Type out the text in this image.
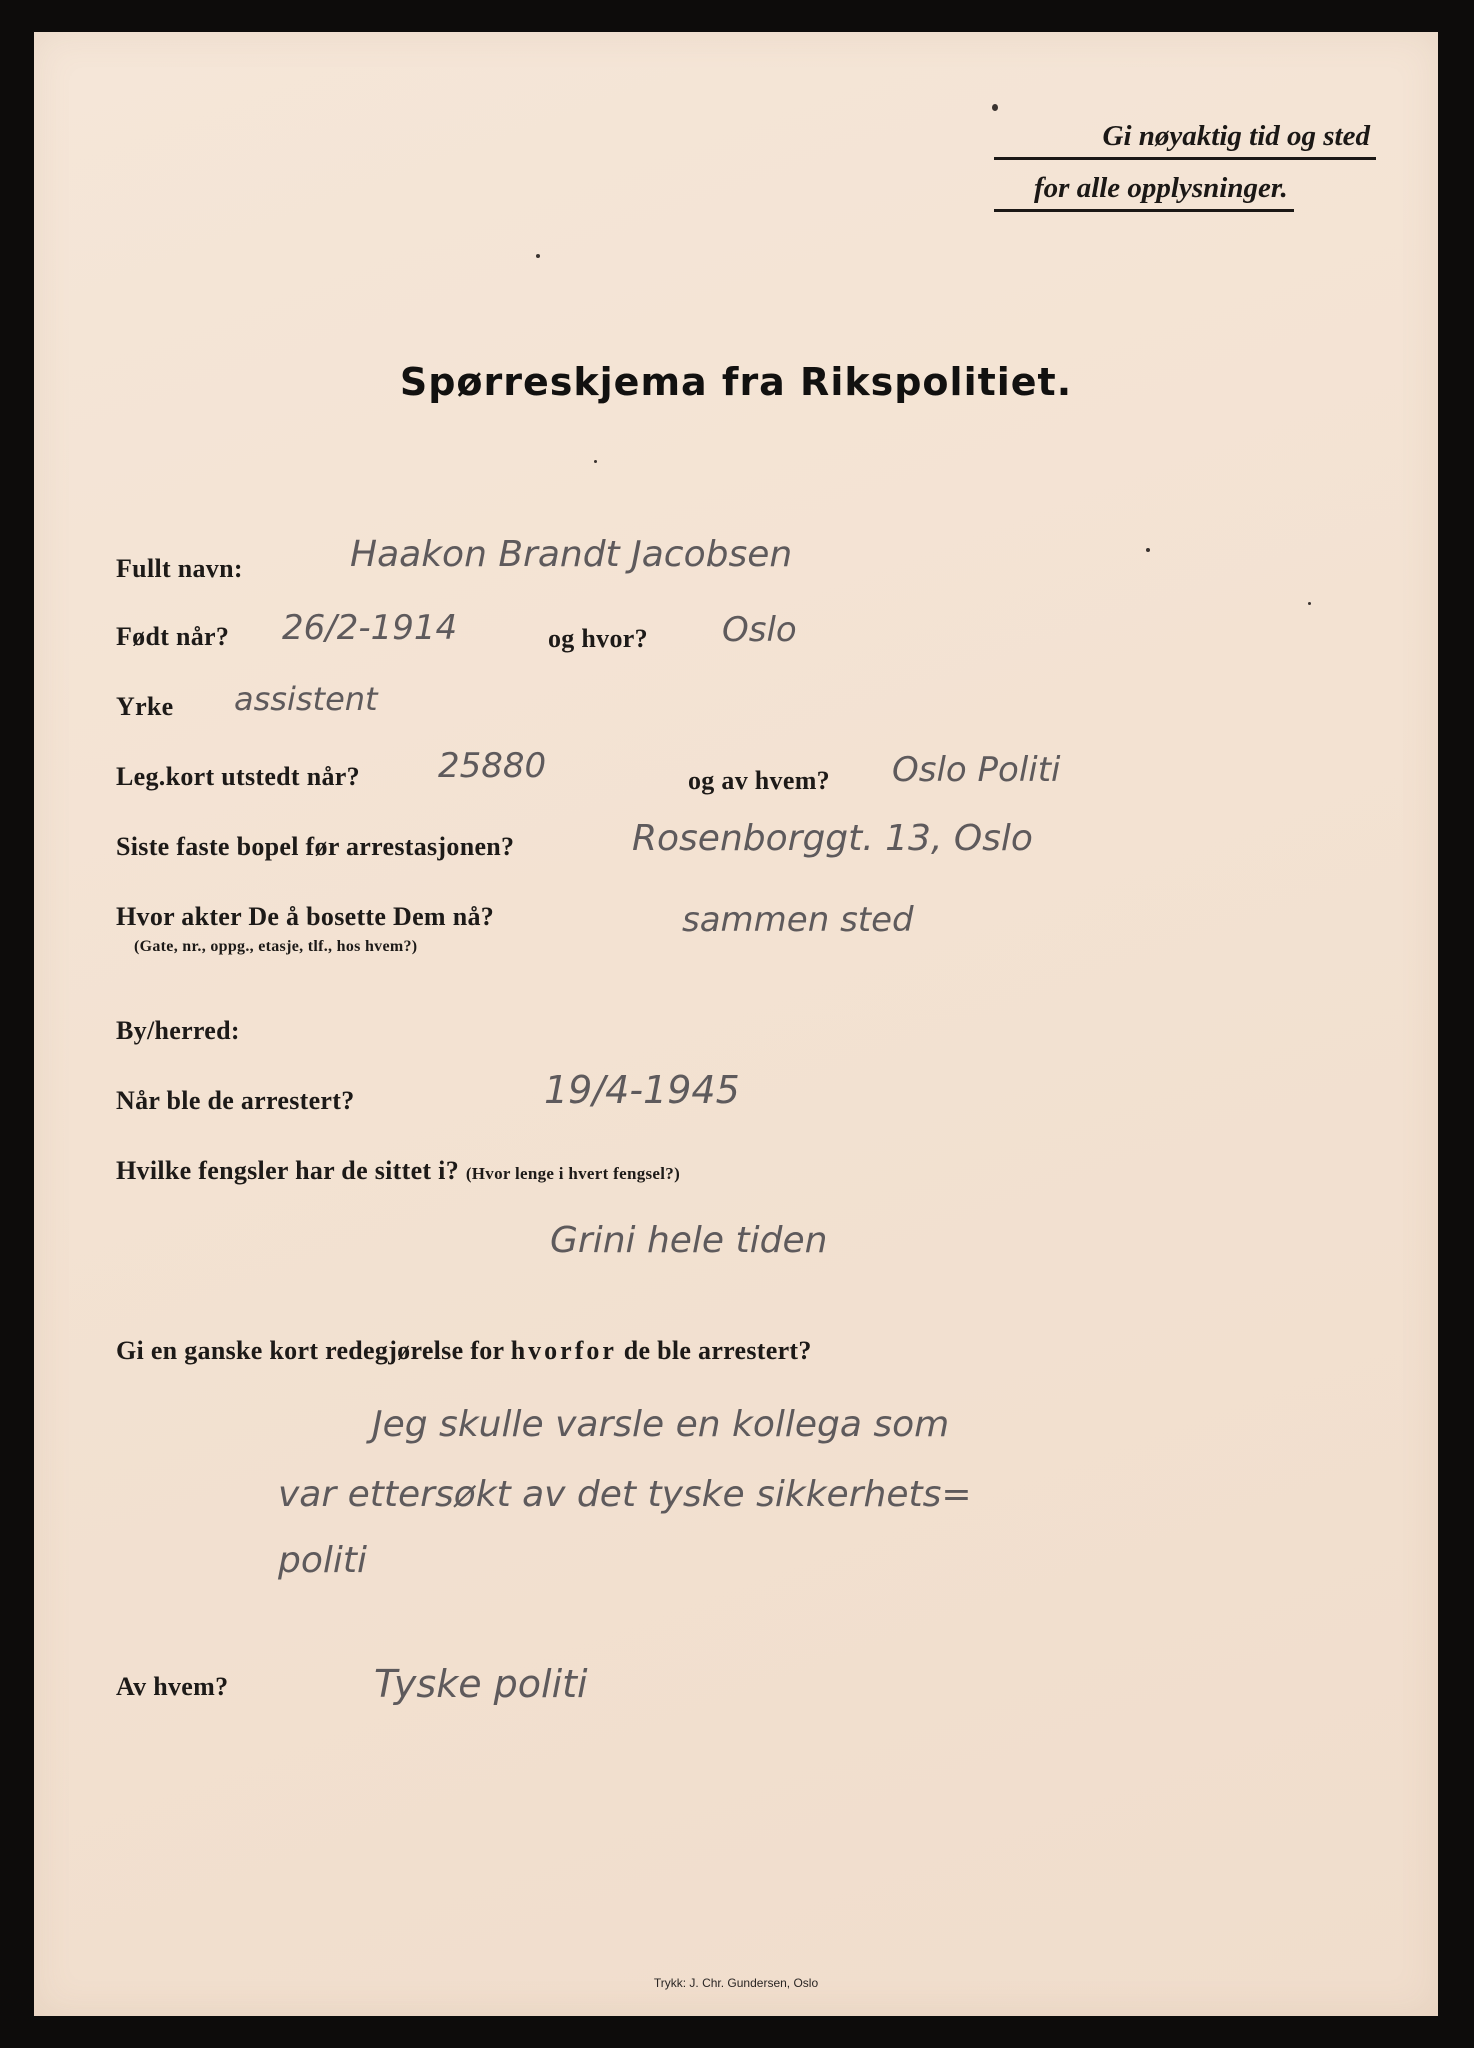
Gi nøyaktig tid og sted
for alle opplysninger.
Spørreskjema fra Rikspolitiet.
Fullt navn:	Haakon Brandt Jacobsen
Født når? 26/2-1914	og hvor? Oslo
Yrke assistent
Leg.kort utstedt når? 25880	og av hvem? Oslo Politi
Siste faste bopel før arrestasjonen?	Rosenborggt. 13, Oslo
Hvor akter De å bosette Dem nå?
(Gate, nr., oppg., etasje, tlf., hos hvem?)
sammen sted
By/herred:
Når ble de arrestert?	19/4-1945
Hvilke fengsler har de sittet i? (Hvor lenge i hvert fengsel?)
Grini hele tiden
Gi en ganske kort redegjørelse for hvorfor de ble arrestert?
Jeg skulle varsle en kollega som
var ettersøkt av det tyske sikkerhets=
politi
Av hvem?	Tyske politi
Trykk: J. Chr. Gundersen, Oslo
